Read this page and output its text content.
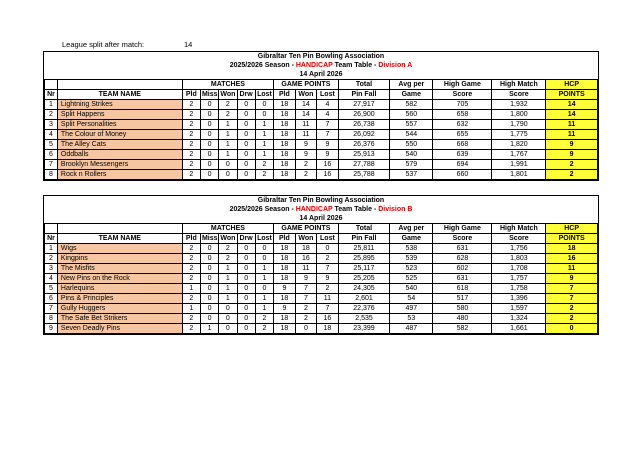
League split after match:	14
Gibraltar Ten Pin Bowling Association
2025/2026 Season - HANDICAP Team Table - Division A
14 April 2026
		MATCHES					GAME POINTS			Total	Avg per	High Game	High Match	HCP
Nr	TEAM NAME	Pld	Miss	Won	Drw	Lost	Pld	Won	Lost	Pin Fall	Game	Score	Score	POINTS
1	Lightning Strikes	2	0	2	0	0	18	14	4	27,917	582	705	1,932	14
2	Split Happens	2	0	2	0	0	18	14	4	26,900	560	658	1,800	14
3	Split Personalities	2	0	1	0	1	18	11	7	26,738	557	632	1,790	11
4	The Colour of Money	2	0	1	0	1	18	11	7	26,092	544	655	1,775	11
5	The Alley Cats	2	0	1	0	1	18	9	9	26,376	550	668	1,820	9
6	Oddballs	2	0	1	0	1	18	9	9	25,913	540	639	1,767	9
7	Brooklyn Messengers	2	0	0	0	2	18	2	16	27,788	579	694	1,991	2
8	Rock n Rollers	2	0	0	0	2	18	2	16	25,788	537	660	1,801	2
Gibraltar Ten Pin Bowling Association
2025/2026 Season - HANDICAP Team Table - Division B
14 April 2026
		MATCHES					GAME POINTS			Total	Avg per	High Game	High Match	HCP
Nr	TEAM NAME	Pld	Miss	Won	Drw	Lost	Pld	Won	Lost	Pin Fall	Game	Score	Score	POINTS
1	Wigs	2	0	2	0	0	18	18	0	25,811	538	631	1,756	18
2	Kingpins	2	0	2	0	0	18	16	2	25,895	539	628	1,803	16
3	The Misfits	2	0	1	0	1	18	11	7	25,117	523	602	1,708	11
4	New Pins on the Rock	2	0	1	0	1	18	9	9	25,205	525	631	1,757	9
5	Harlequins	1	0	1	0	0	9	7	2	24,305	540	618	1,758	7
6	Pins & Principles	2	0	1	0	1	18	7	11	2,601	54	517	1,396	7
7	Gully Huggers	1	0	0	0	1	9	2	7	22,376	497	580	1,597	2
8	The Safe Bet Strikers	2	0	0	0	2	18	2	16	2,535	53	480	1,324	2
9	Seven Deadly Pins	2	1	0	0	2	18	0	18	23,399	487	582	1,661	0
